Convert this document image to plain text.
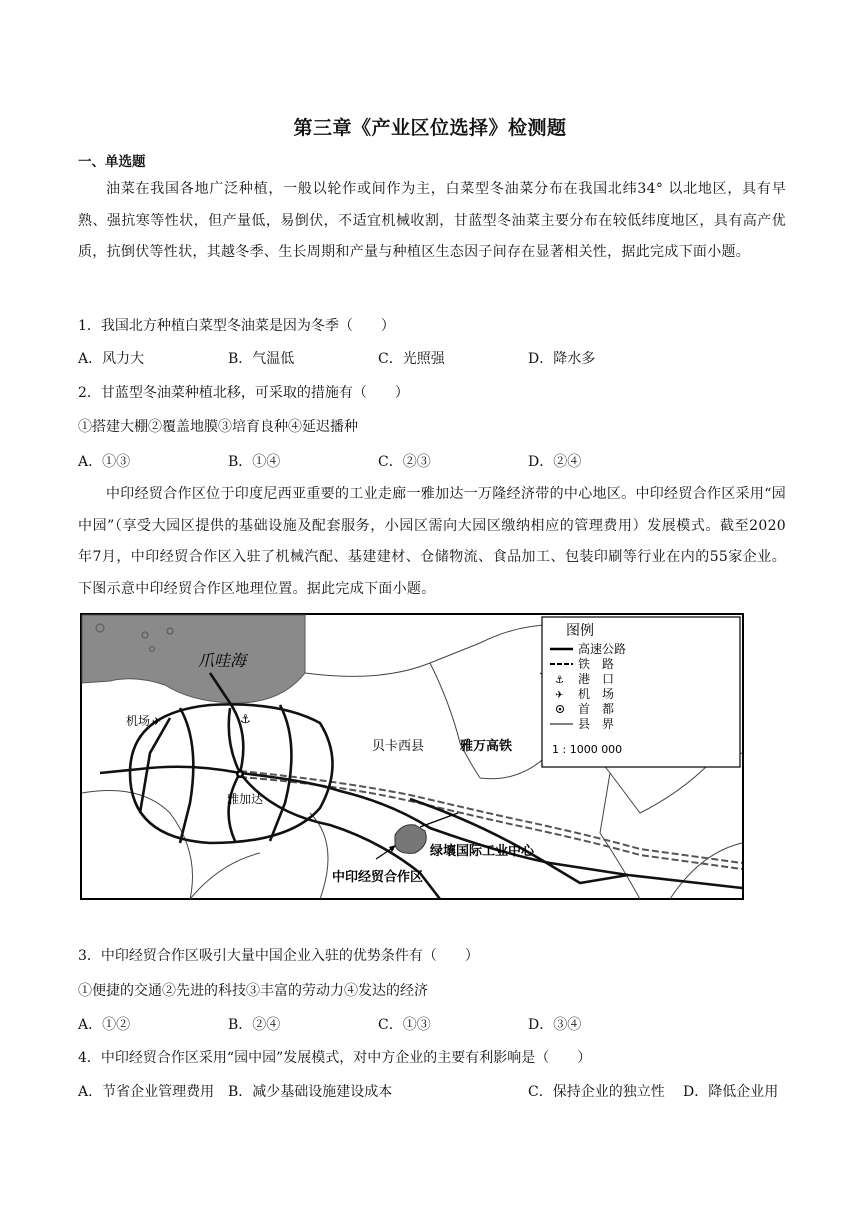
第三章《产业区位选择》检测题
一、单选题
油菜在我国各地广泛种植，一般以轮作或间作为主，白菜型冬油菜分布在我国北纬34° 以北地区，具有早熟、强抗寒等性状，但产量低，易倒伏，不适宜机械收割，甘蓝型冬油菜主要分布在较低纬度地区，具有高产优质，抗倒伏等性状，其越冬季、生长周期和产量与种植区生态因子间存在显著相关性，据此完成下面小题。
1．我国北方种植白菜型冬油菜是因为冬季（　　）
A．风力大	B．气温低	C．光照强	D．降水多
2．甘蓝型冬油菜种植北移，可采取的措施有（　　）
①搭建大棚②覆盖地膜③培育良种④延迟播种
A．①③	B．①④	C．②③	D．②④
中印经贸合作区位于印度尼西亚重要的工业走廊一雅加达一万隆经济带的中心地区。中印经贸合作区采用“园中园”（享受大园区提供的基础设施及配套服务，小园区需向大园区缴纳相应的管理费用）发展模式。截至2020年7月，中印经贸合作区入驻了机械汽配、基建建材、仓储物流、食品加工、包装印刷等行业在内的55家企业。下图示意中印经贸合作区地理位置。据此完成下面小题。
⚓
✈
爪哇海
机场
雅加达
贝卡西县	雅万高铁
绿壤国际工业中心
中印经贸合作区
图例
高速公路
铁　路
⚓ 港　口
✈ 机　场
首　都
县　界
1 : 1000 000
3．中印经贸合作区吸引大量中国企业入驻的优势条件有（　　）
①便捷的交通②先进的科技③丰富的劳动力④发达的经济
A．①②	B．②④	C．①③	D．③④
4．中印经贸合作区采用“园中园”发展模式，对中方企业的主要有利影响是（　　）
A．节省企业管理费用 B．减少基础设施建设成本	C．保持企业的独立性 D．降低企业用
